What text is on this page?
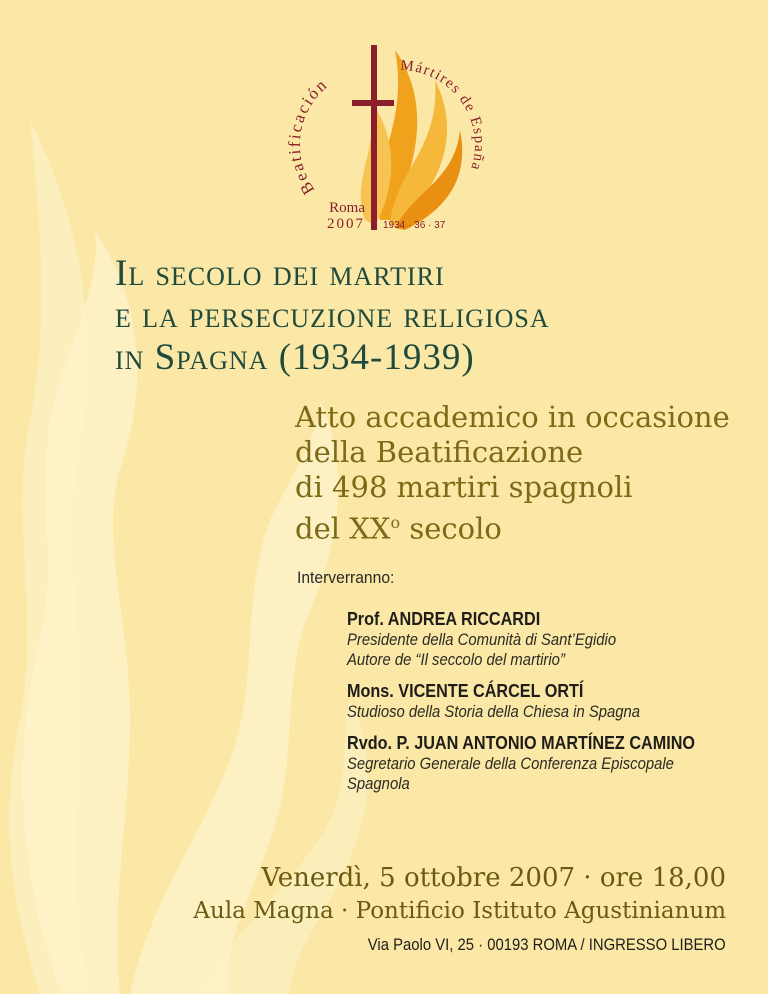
Beatificación
Mártires de España
Roma
2007 1934 · 36 · 37
Il secolo dei martiri
e la persecuzione religiosa
in Spagna (1934-1939)
Atto accademico in occasione
della Beatificazione
di 498 martiri spagnoli
del $XX^o$ secolo
Interverranno:
Prof. ANDREA RICCARDI
Presidente della Comunità di Sant’Egidio
Autore de “Il seccolo del martirio”
Mons. VICENTE CÁRCEL ORTÍ
Studioso della Storia della Chiesa in Spagna
Rvdo. P. JUAN ANTONIO MARTÍNEZ CAMINO
Segretario Generale della Conferenza Episcopale
Spagnola
Venerdì, 5 ottobre 2007 · ore 18,00
Aula Magna · Pontificio Istituto Agustinianum
Via Paolo VI, 25 · 00193 ROMA / INGRESSO LIBERO
